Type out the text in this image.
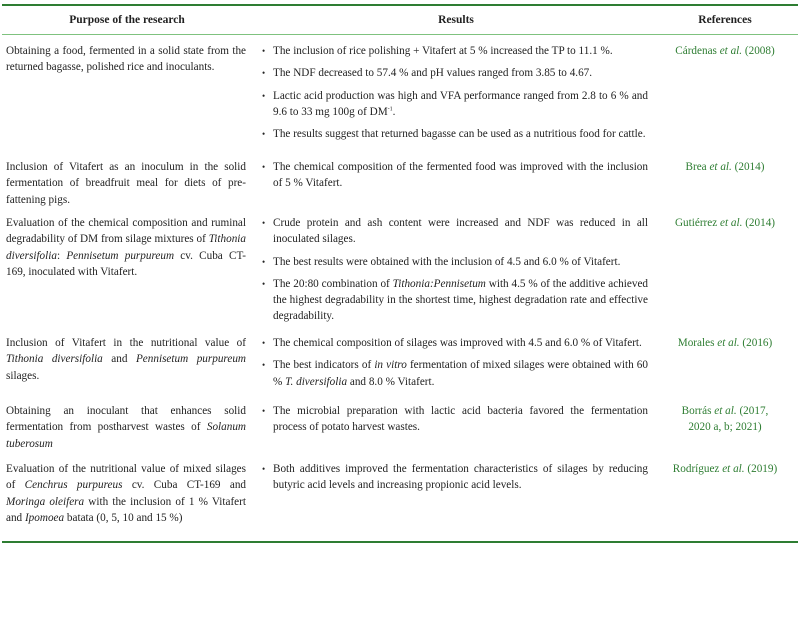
Purpose of the research	Results	References
Obtaining a food, fermented in a solid state from the returned bagasse, polished rice and inoculants.
• The inclusion of rice polishing + Vitafert at 5 % increased the TP to 11.1 %.
• The NDF decreased to 57.4 % and pH values ranged from 3.85 to 4.67.
• Lactic acid production was high and VFA performance ranged from 2.8 to 6 % and 9.6 to 33 mg 100g of $DM^{-1}$.
• The results suggest that returned bagasse can be used as a nutritious food for cattle.
Cárdenas et al. (2008)
Inclusion of Vitafert as an inoculum in the solid fermentation of breadfruit meal for diets of pre-fattening pigs.
• The chemical composition of the fermented food was improved with the inclusion of 5 % Vitafert.
Brea et al. (2014)
Evaluation of the chemical composition and ruminal degradability of DM from silage mixtures of Tithonia diversifolia: Pennisetum purpureum cv. Cuba CT-169, inoculated with Vitafert.
• Crude protein and ash content were increased and NDF was reduced in all inoculated silages.
• The best results were obtained with the inclusion of 4.5 and 6.0 % of Vitafert.
• The 20:80 combination of Tithonia:Pennisetum with 4.5 % of the additive achieved the highest degradability in the shortest time, highest degradation rate and effective degradability.
Gutiérrez et al. (2014)
Inclusion of Vitafert in the nutritional value of Tithonia diversifolia and Pennisetum purpureum silages.
• The chemical composition of silages was improved with 4.5 and 6.0 % of Vitafert.
• The best indicators of in vitro fermentation of mixed silages were obtained with 60 % T. diversifolia and 8.0 % Vitafert.
Morales et al. (2016)
Obtaining an inoculant that enhances solid fermentation from postharvest wastes of Solanum tuberosum
• The microbial preparation with lactic acid bacteria favored the fermentation process of potato harvest wastes.
Borrás et al. (2017,
2020 a, b; 2021)
Evaluation of the nutritional value of mixed silages of Cenchrus purpureus cv. Cuba CT-169 and Moringa oleifera with the inclusion of 1 % Vitafert and Ipomoea batata (0, 5, 10 and 15 %)
• Both additives improved the fermentation characteristics of silages by reducing butyric acid levels and increasing propionic acid levels.
Rodríguez et al. (2019)
